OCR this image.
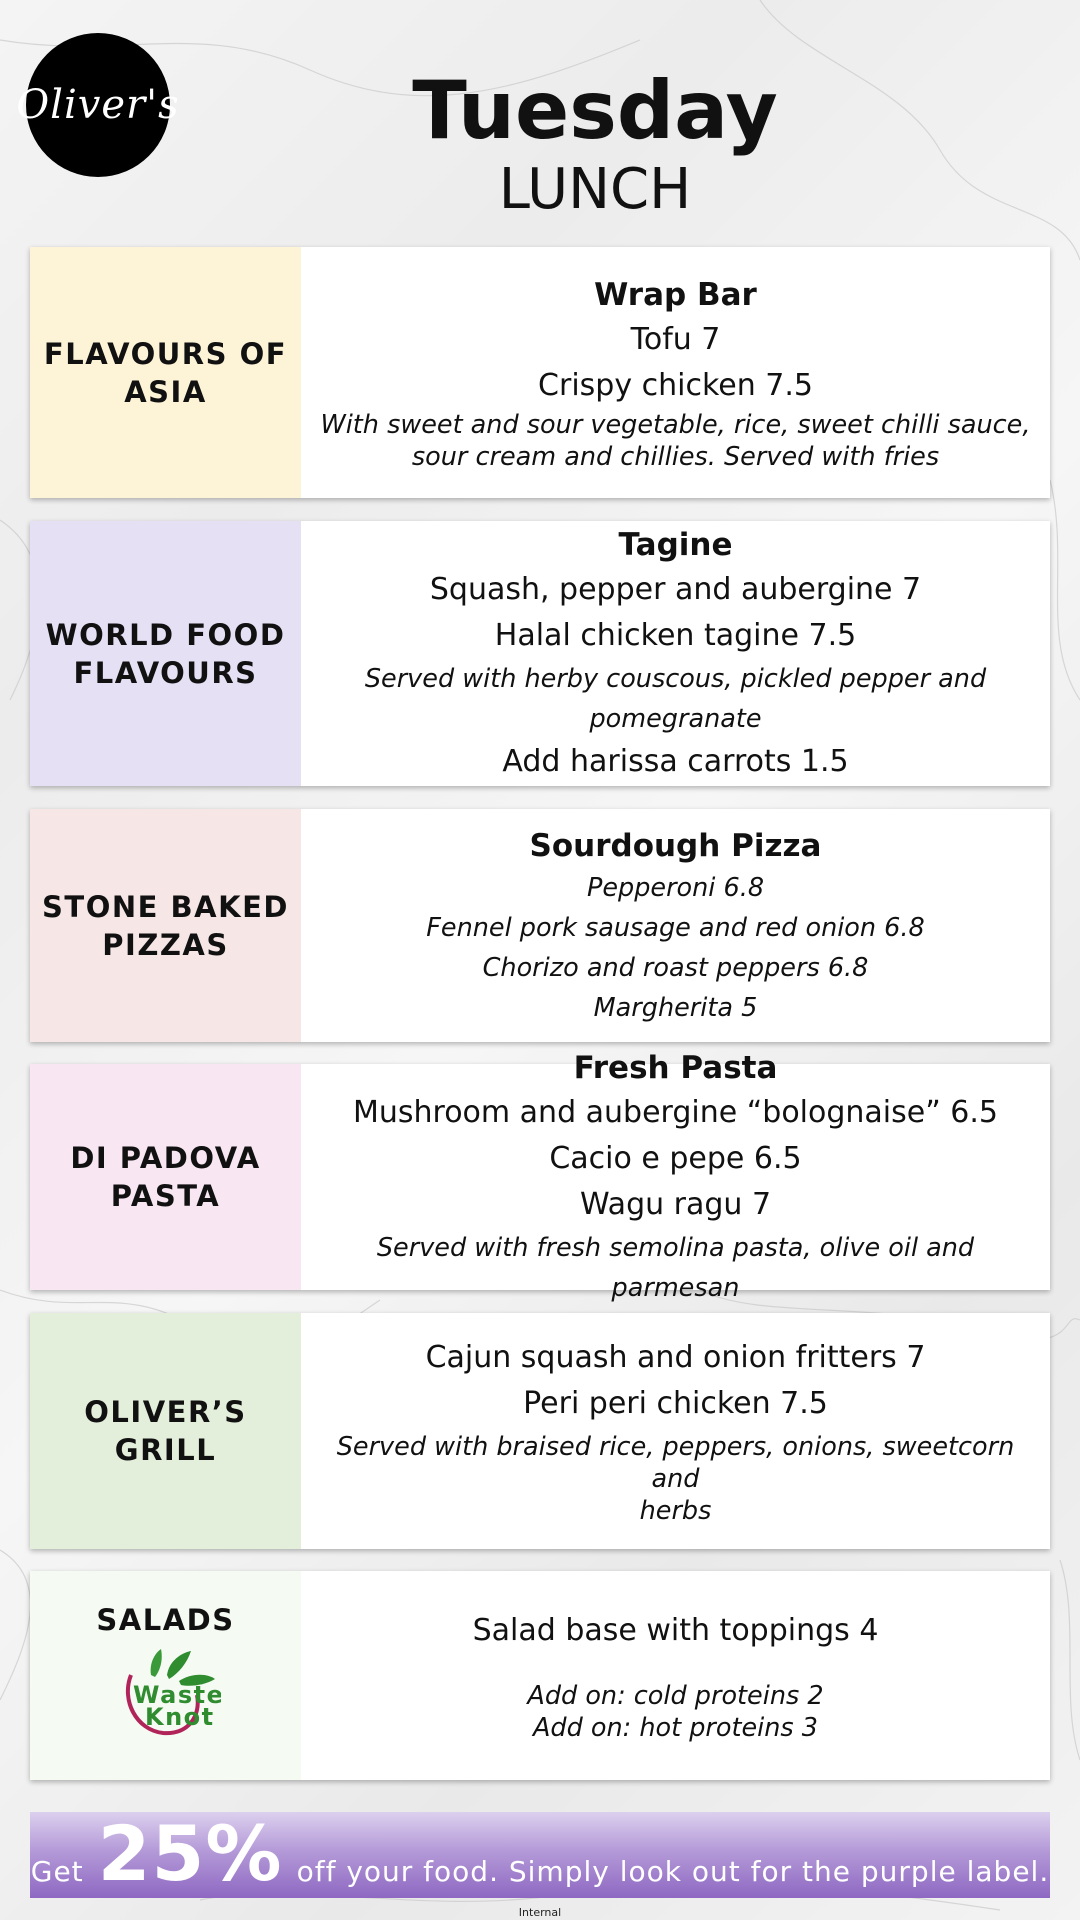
Oliver's	Tuesday
LUNCH
FLAVOURS OF
ASIA
Wrap Bar
Tofu 7
Crispy chicken 7.5
With sweet and sour vegetable, rice, sweet chilli sauce,
sour cream and chillies. Served with fries
WORLD FOOD
FLAVOURS
Tagine
Squash, pepper and aubergine 7
Halal chicken tagine 7.5
Served with herby couscous, pickled pepper and
pomegranate
Add harissa carrots 1.5
STONE BAKED
PIZZAS
Sourdough Pizza
Pepperoni 6.8
Fennel pork sausage and red onion 6.8
Chorizo and roast peppers 6.8
Margherita 5
DI PADOVA
PASTA
Fresh Pasta
Mushroom and aubergine “bolognaise” 6.5
Cacio e pepe 6.5
Wagu ragu 7
Served with fresh semolina pasta, olive oil and parmesan
OLIVER’S GRILL
Cajun squash and onion fritters 7
Peri peri chicken 7.5
Served with braised rice, peppers, onions, sweetcorn and
herbs
SALADS
Waste
Knot
Salad base with toppings 4
Add on: cold proteins 2
Add on: hot proteins 3
Get 25% off your food. Simply look out for the purple label.
Internal
